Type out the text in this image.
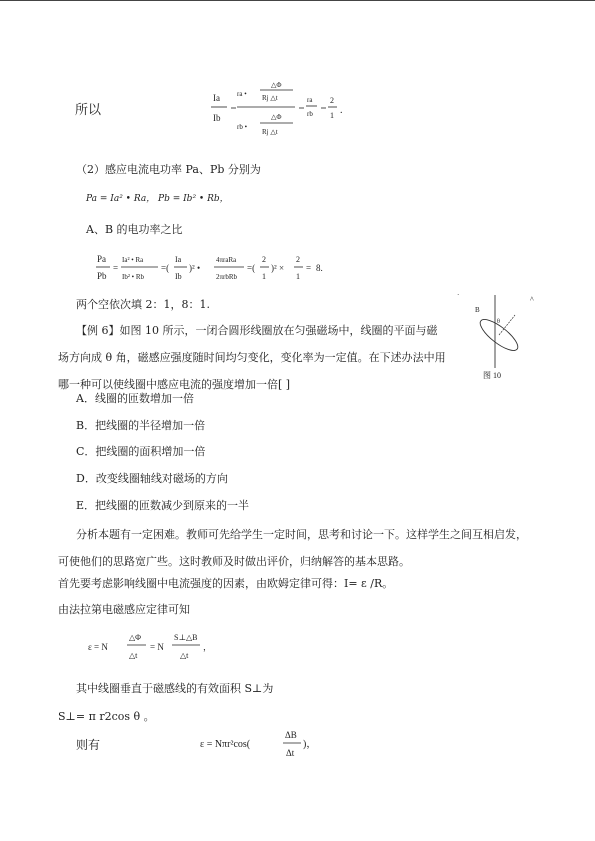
所以
Ia
Ib
ra •
△Φ
Rj △t
rb •
△Φ
Rj △t
ra
rb
2
1 .
（2）感应电流电功率 Pa、Pb 分别为
Pa = Ia² • Ra， Pb = Ib² • Rb，
A、B 的电功率之比
Pa
Pb
=
Ia² • Ra
Ib² • Rb
=(
Ia
Ib
)² •
4πraRa
2πrbRb
=(
2
1
)² ×
2
1
= 8.
两个空依次填 2：1，8：1.
【例 6】如图 10 所示，一闭合圆形线圈放在匀强磁场中，线圈的平面与磁场方向成 θ 角，磁感应强度随时间均匀变化，变化率为一定值。在下述办法中用哪一种可以使线圈中感应电流的强度增加一倍[ ]
·	^
B
θ
图 10
A．线圈的匝数增加一倍
B．把线圈的半径增加一倍
C．把线圈的面积增加一倍
D．改变线圈轴线对磁场的方向
E．把线圈的匝数减少到原来的一半
分析本题有一定困难。教师可先给学生一定时间，思考和讨论一下。这样学生之间互相启发，可使他们的思路宽广些。这时教师及时做出评价，归纳解答的基本思路。
首先要考虑影响线圈中电流强度的因素，由欧姆定律可得：I= ε /R。
由法拉第电磁感应定律可知
ε = N
△Φ
△t
= N
S⊥△B
△t
，
其中线圈垂直于磁感线的有效面积 S⊥为
S⊥= π r2cos θ 。
则有	ε = Nπr²cos(
ΔB
Δt
)，
